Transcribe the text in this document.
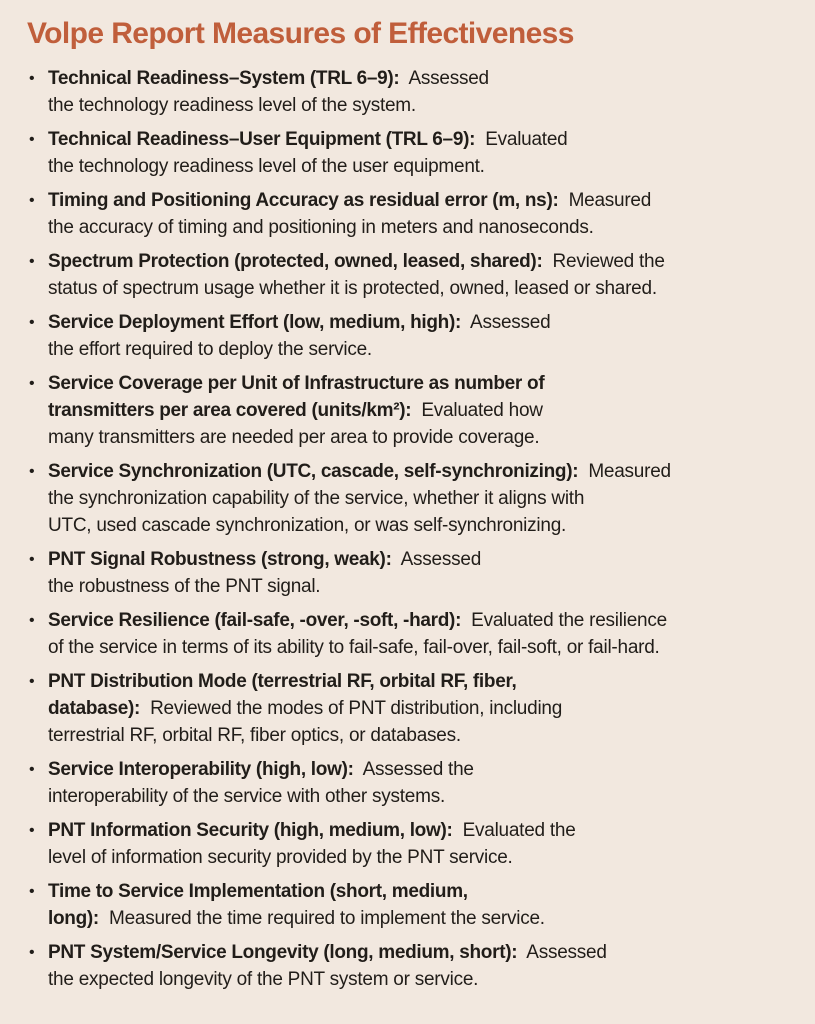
Volpe Report Measures of Effectiveness
• Technical Readiness–System (TRL 6–9):  Assessed
the technology readiness level of the system.
• Technical Readiness–User Equipment (TRL 6–9):  Evaluated
the technology readiness level of the user equipment.
• Timing and Positioning Accuracy as residual error (m, ns):  Measured
the accuracy of timing and positioning in meters and nanoseconds.
• Spectrum Protection (protected, owned, leased, shared):  Reviewed the
status of spectrum usage whether it is protected, owned, leased or shared.
• Service Deployment Effort (low, medium, high):  Assessed
the effort required to deploy the service.
• Service Coverage per Unit of Infrastructure as number of
transmitters per area covered (units/km²):  Evaluated how
many transmitters are needed per area to provide coverage.
• Service Synchronization (UTC, cascade, self-synchronizing):  Measured
the synchronization capability of the service, whether it aligns with
UTC, used cascade synchronization, or was self-synchronizing.
• PNT Signal Robustness (strong, weak):  Assessed
the robustness of the PNT signal.
• Service Resilience (fail-safe, -over, -soft, -hard):  Evaluated the resilience
of the service in terms of its ability to fail-safe, fail-over, fail-soft, or fail-hard.
• PNT Distribution Mode (terrestrial RF, orbital RF, fiber,
database):  Reviewed the modes of PNT distribution, including
terrestrial RF, orbital RF, fiber optics, or databases.
• Service Interoperability (high, low):  Assessed the
interoperability of the service with other systems.
• PNT Information Security (high, medium, low):  Evaluated the
level of information security provided by the PNT service.
• Time to Service Implementation (short, medium,
long):  Measured the time required to implement the service.
• PNT System/Service Longevity (long, medium, short):  Assessed
the expected longevity of the PNT system or service.
